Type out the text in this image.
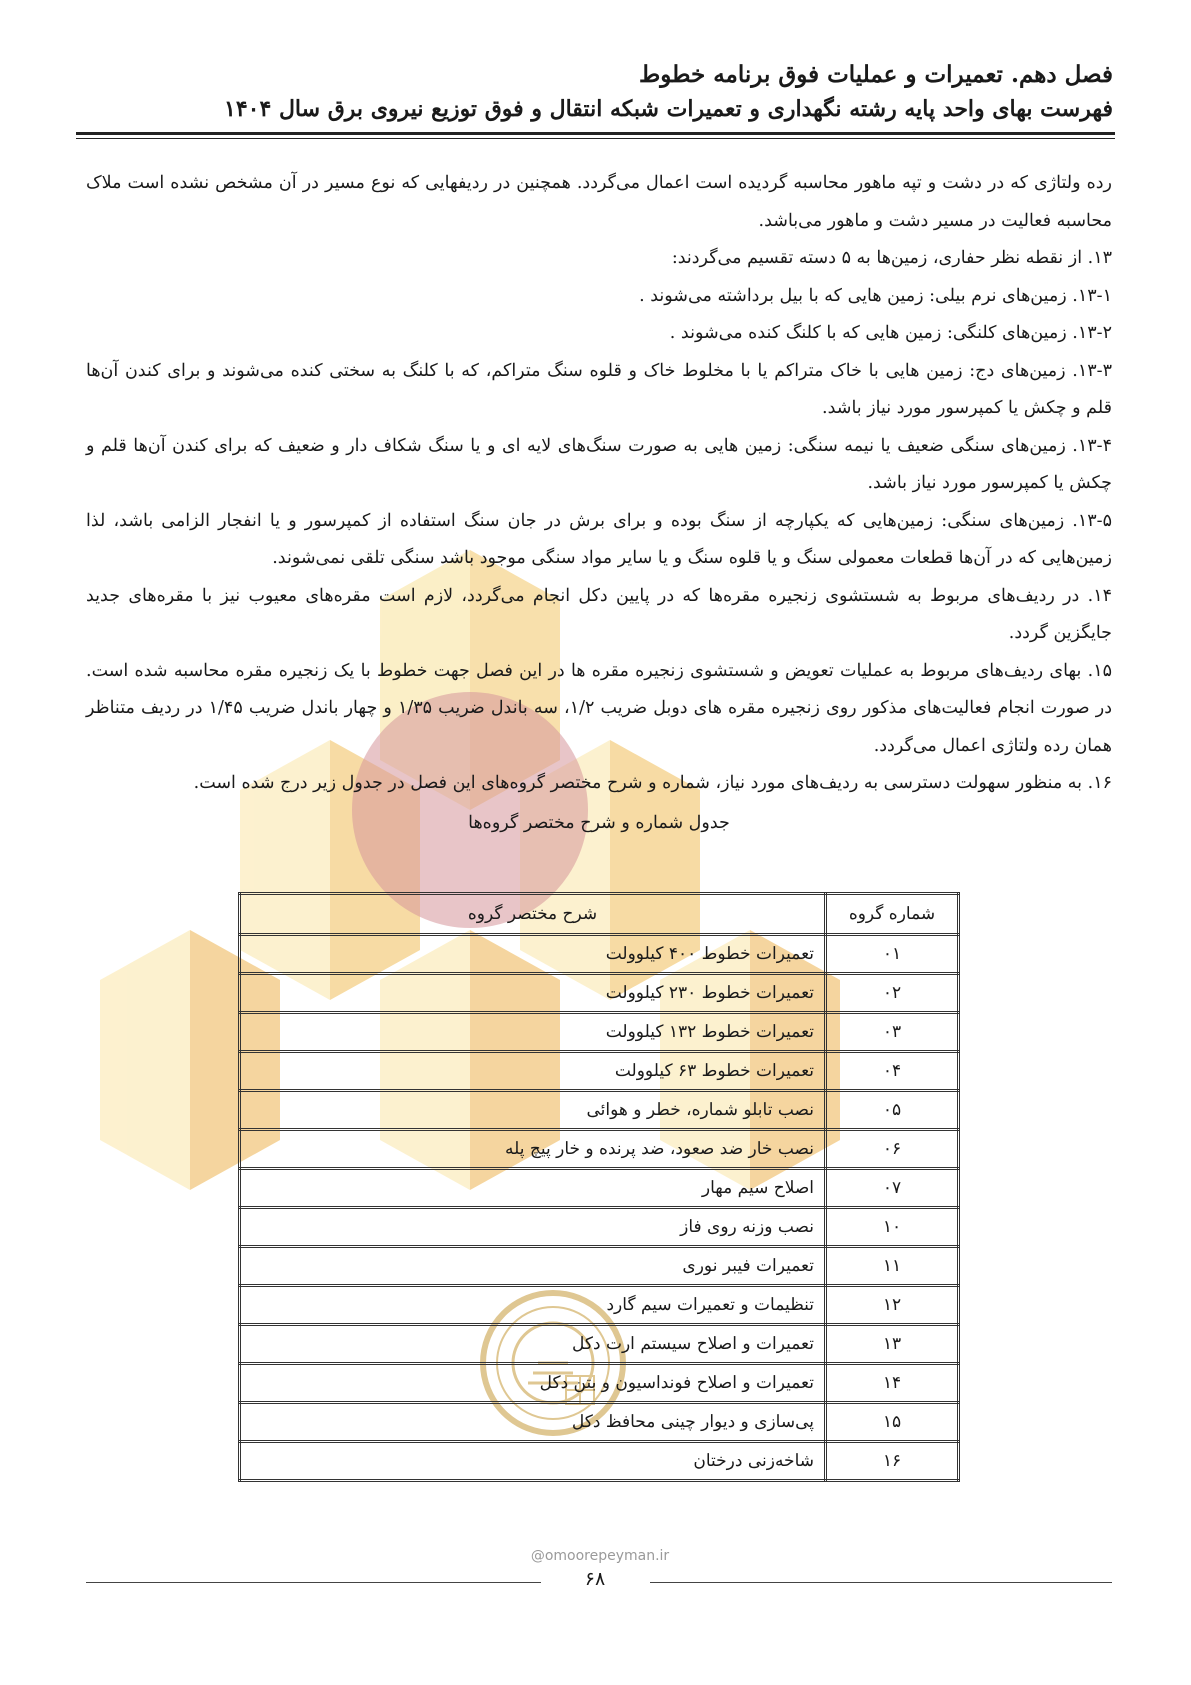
فصل دهم. تعمیرات و عملیات فوق برنامه خطوط
فهرست بهای واحد پایه رشته نگهداری و تعمیرات شبکه انتقال و فوق توزیع نیروی برق سال ۱۴۰۴

رده ولتاژی که در دشت و تپه ماهور محاسبه گردیده است اعمال می‌گردد. همچنین در ردیفهایی که نوع مسیر در آن مشخص نشده است ملاک محاسبه فعالیت در مسیر دشت و ماهور می‌باشد.

۱۳. از نقطه نظر حفاری، زمین‌ها به ۵ دسته تقسیم می‌گردند:

۱۳-۱. زمین‌های نرم بیلی: زمین هایی که با بیل برداشته می‌شوند .

۱۳-۲. زمین‌های کلنگی: زمین هایی که با کلنگ کنده می‌شوند .

۱۳-۳. زمین‌های دج: زمین هایی با خاک متراکم یا با مخلوط خاک و قلوه سنگ متراکم، که با کلنگ به سختی کنده می‌شوند و برای کندن آن‌ها قلم و چکش یا کمپرسور مورد نیاز باشد.

۱۳-۴. زمین‌های سنگی ضعیف یا نیمه سنگی: زمین هایی به صورت سنگ‌های لایه ای و یا سنگ شکاف دار و ضعیف که برای کندن آن‌ها قلم و چکش یا کمپرسور مورد نیاز باشد.

۱۳-۵. زمین‌های سنگی: زمین‌هایی که یکپارچه از سنگ بوده و برای برش در جان سنگ استفاده از کمپرسور و یا انفجار الزامی باشد، لذا زمین‌هایی که در آن‌ها قطعات معمولی سنگ و یا قلوه سنگ و یا سایر مواد سنگی موجود باشد سنگی تلقی نمی‌شوند.

۱۴. در ردیف‌های مربوط به شستشوی زنجیره مقره‌ها که در پایین دکل انجام می‌گردد، لازم است مقره‌های معیوب نیز با مقره‌های جدید جایگزین گردد.

۱۵. بهای ردیف‌های مربوط به عملیات تعویض و شستشوی زنجیره مقره ها در این فصل جهت خطوط با یک زنجیره مقره محاسبه شده است. در صورت انجام فعالیت‌های مذکور روی زنجیره مقره های دوبل ضریب ۱/۲، سه باندل ضریب ۱/۳۵ و چهار باندل ضریب ۱/۴۵ در ردیف متناظر همان رده ولتاژی اعمال می‌گردد.

۱۶. به منظور سهولت دسترسی به ردیف‌های مورد نیاز، شماره و شرح مختصر گروه‌های این فصل در جدول زیر درج شده است.

جدول شماره و شرح مختصر گروه‌ها

شماره گروه	شرح مختصر گروه
۰۱	تعمیرات خطوط ۴۰۰ کیلوولت
۰۲	تعمیرات خطوط ۲۳۰ کیلوولت
۰۳	تعمیرات خطوط ۱۳۲ کیلوولت
۰۴	تعمیرات خطوط ۶۳ کیلوولت
۰۵	نصب تابلو شماره، خطر و هوائی
۰۶	نصب خار ضد صعود، ضد پرنده و خار پیچ پله
۰۷	اصلاح سیم مهار
۱۰	نصب وزنه روی فاز
۱۱	تعمیرات فیبر نوری
۱۲	تنظیمات و تعمیرات سیم گارد
۱۳	تعمیرات و اصلاح سیستم ارت دکل
۱۴	تعمیرات و اصلاح فونداسیون و بتن دکل
۱۵	پی‌سازی و دیوار چینی محافظ دکل
۱۶	شاخه‌زنی درختان
@omoorepeyman.ir
۶۸
